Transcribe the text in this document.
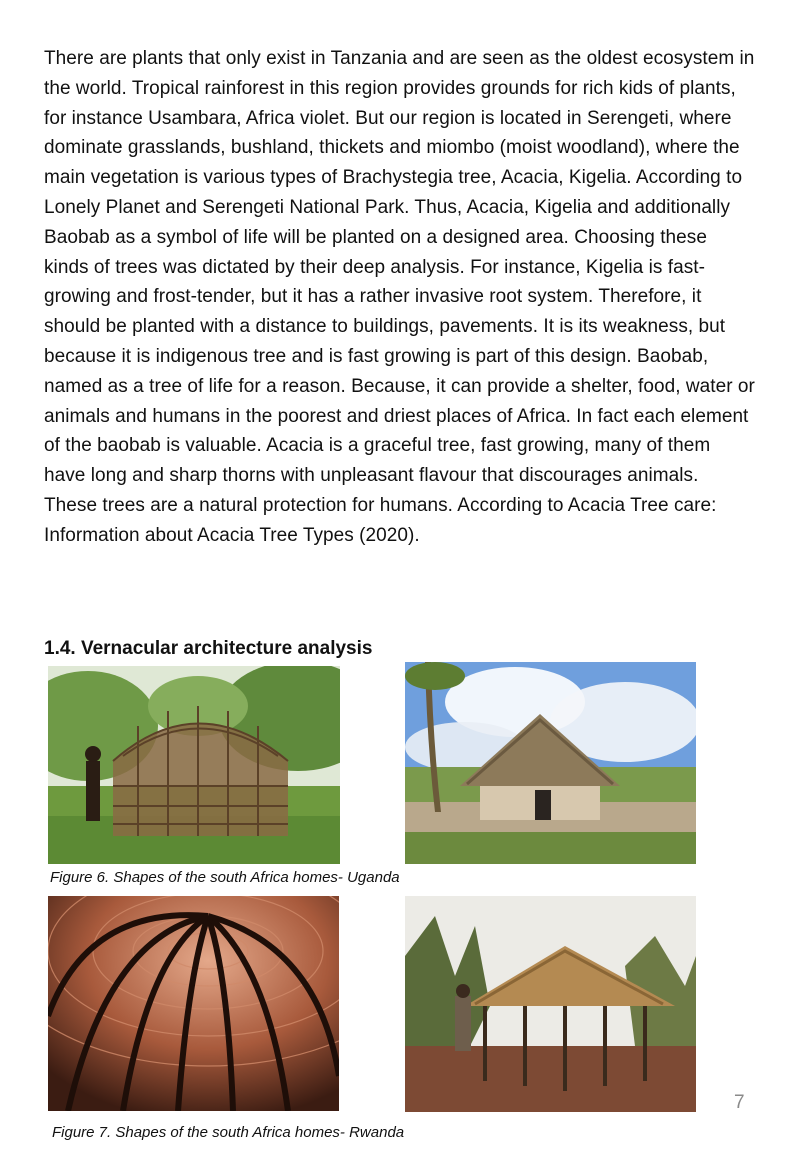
There are plants that only exist in Tanzania and are seen as the oldest ecosystem in the world. Tropical rainforest in this region provides grounds for rich kids of plants, for instance Usambara, Africa violet. But our region is located in Serengeti, where dominate grasslands, bushland, thickets and miombo (moist woodland), where the main vegetation is various types of Brachystegia tree, Acacia, Kigelia. According to Lonely Planet and Serengeti National Park. Thus, Acacia, Kigelia and additionally Baobab as a symbol of life will be planted on a designed area. Choosing these kinds of trees was dictated by their deep analysis. For instance, Kigelia is fast-growing and frost-tender, but it has a rather invasive root system. Therefore, it should be planted with a distance to buildings, pavements. It is its weakness, but because it is indigenous tree and is fast growing is part of this design. Baobab, named as a tree of life for a reason. Because, it can provide a shelter, food, water or animals and humans in the poorest and driest places of Africa. In fact each element of the baobab is valuable. Acacia is a graceful tree, fast growing, many of them have long and sharp thorns with unpleasant flavour that discourages animals. These trees are a natural protection for humans. According to Acacia Tree care: Information about Acacia Tree Types (2020).

1.4. Vernacular architecture analysis

Figure 6. Shapes of the south Africa homes- Uganda

Figure 7. Shapes of the south Africa homes- Rwanda

7
